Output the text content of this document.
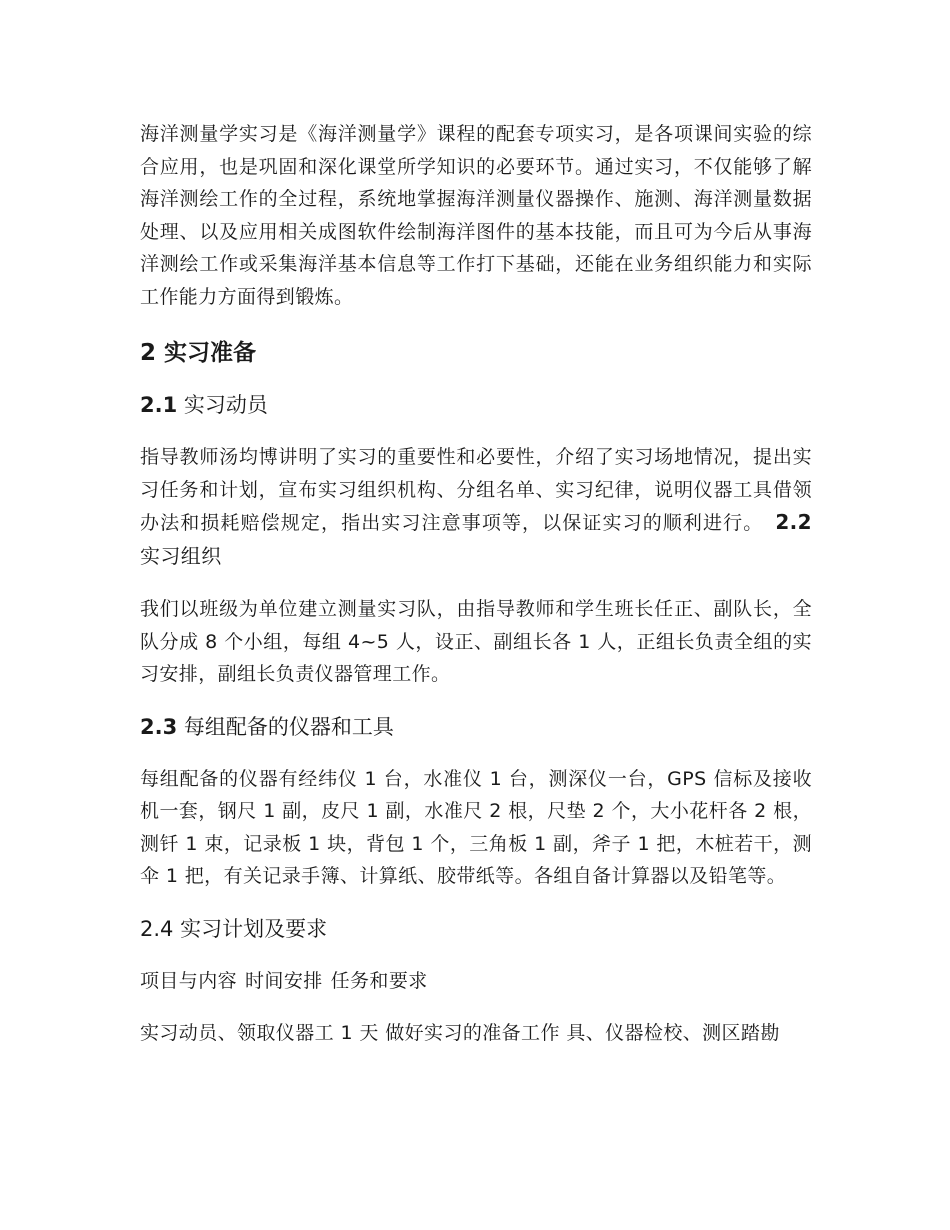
海洋测量学实习是《海洋测量学》课程的配套专项实习，是各项课间实验的综合应用，也是巩固和深化课堂所学知识的必要环节。通过实习，不仅能够了解海洋测绘工作的全过程，系统地掌握海洋测量仪器操作、施测、海洋测量数据处理、以及应用相关成图软件绘制海洋图件的基本技能，而且可为今后从事海洋测绘工作或采集海洋基本信息等工作打下基础，还能在业务组织能力和实际工作能力方面得到锻炼。

2 实习准备

2.1 实习动员

指导教师汤均博讲明了实习的重要性和必要性，介绍了实习场地情况，提出实习任务和计划，宣布实习组织机构、分组名单、实习纪律，说明仪器工具借领办法和损耗赔偿规定，指出实习注意事项等，以保证实习的顺利进行。 2.2 实习组织

我们以班级为单位建立测量实习队，由指导教师和学生班长任正、副队长，全队分成 8 个小组，每组 4~5 人，设正、副组长各 1 人，正组长负责全组的实习安排，副组长负责仪器管理工作。

2.3 每组配备的仪器和工具

每组配备的仪器有经纬仪 1 台，水准仪 1 台，测深仪一台，GPS 信标及接收机一套，钢尺 1 副，皮尺 1 副，水准尺 2 根，尺垫 2 个，大小花杆各 2 根，测钎 1 束，记录板 1 块，背包 1 个，三角板 1 副，斧子 1 把，木桩若干，测伞 1 把，有关记录手簿、计算纸、胶带纸等。各组自备计算器以及铅笔等。

2.4 实习计划及要求

项目与内容 时间安排 任务和要求

实习动员、领取仪器工 1 天 做好实习的准备工作 具、仪器检校、测区踏勘
